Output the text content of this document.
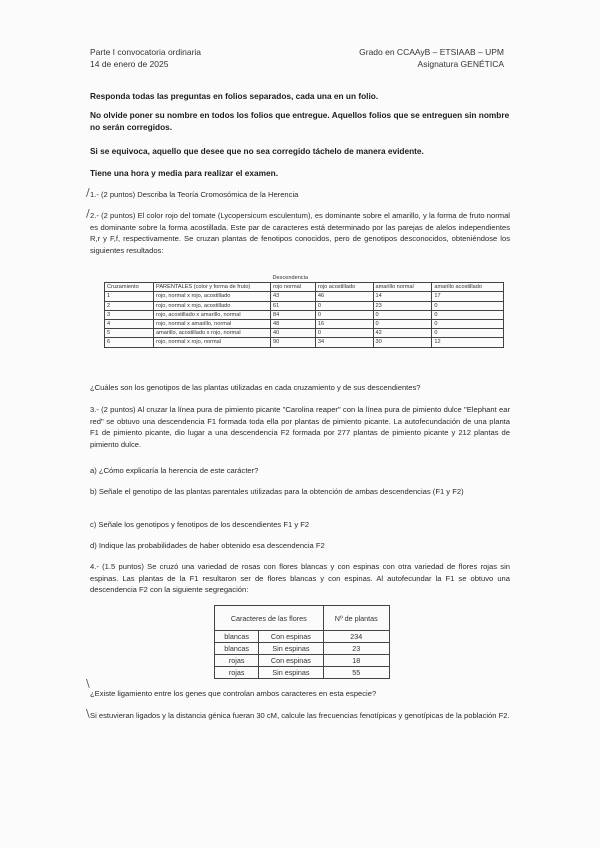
Parte I convocatoria ordinaria
14 de enero de 2025
Grado en CCAAyB – ETSIAAB – UPM
Asignatura GENÉTICA
Responda todas las preguntas en folios separados, cada una en un folio.
No olvide poner su nombre en todos los folios que entregue. Aquellos folios que se entreguen sin nombre no serán corregidos.
Si se equivoca, aquello que desee que no sea corregido táchelo de manera evidente.
Tiene una hora y media para realizar el examen.
1.- (2 puntos) Describa la Teoría Cromosómica de la Herencia
2.- (2 puntos) El color rojo del tomate (Lycopersicum esculentum), es dominante sobre el amarillo, y la forma de fruto normal es dominante sobre la forma acostillada. Este par de caracteres está determinado por las parejas de alelos independientes R,r y F,f, respectivamente. Se cruzan plantas de fenotipos conocidos, pero de genotipos desconocidos, obteniéndose los siguientes resultados:
		Descendencia			
Cruzamiento	PARENTALES (color y forma de fruto)	rojo normal	rojo acostillado	amarillo normal	amarillo acostillado
1	rojo, normal x rojo, acostillado	43	46	14	17
2	rojo, normal x rojo, acostillado	61	0	23	0
3	rojo, acostillado x amarillo, normal	84	0	0	0
4	rojo, normal x amarillo, normal	48	16	0	0
5	amarillo, acostillado x rojo, normal	40	0	42	0
6	rojo, normal x rojo, normal	90	34	30	12
¿Cuáles son los genotipos de las plantas utilizadas en cada cruzamiento y de sus descendientes?
3.- (2 puntos) Al cruzar la línea pura de pimiento picante "Carolina reaper" con la línea pura de pimiento dulce "Elephant ear red" se obtuvo una descendencia F1 formada toda ella por plantas de pimiento picante. La autofecundación de una planta F1 de pimiento picante, dio lugar a una descendencia F2 formada por 277 plantas de pimiento picante y 212 plantas de pimiento dulce.
a) ¿Cómo explicaría la herencia de este carácter?
b) Señale el genotipo de las plantas parentales utilizadas para la obtención de ambas descendencias (F1 y F2)
c) Señale los genotipos y fenotipos de los descendientes F1 y F2
d) Indique las probabilidades de haber obtenido esa descendencia F2
4.- (1.5 puntos) Se cruzó una variedad de rosas con flores blancas y con espinas con otra variedad de flores rojas sin espinas. Las plantas de la F1 resultaron ser de flores blancas y con espinas. Al autofecundar la F1 se obtuvo una descendencia F2 con la siguiente segregación:
Caracteres de las flores		Nº de plantas
blancas	Con espinas	234
blancas	Sin espinas	23
rojas	Con espinas	18
rojas	Sin espinas	55
¿Existe ligamiento entre los genes que controlan ambos caracteres en esta especie?
Si estuvieran ligados y la distancia génica fueran 30 cM, calcule las frecuencias fenotípicas y genotípicas de la población F2.
/
/
\
\
